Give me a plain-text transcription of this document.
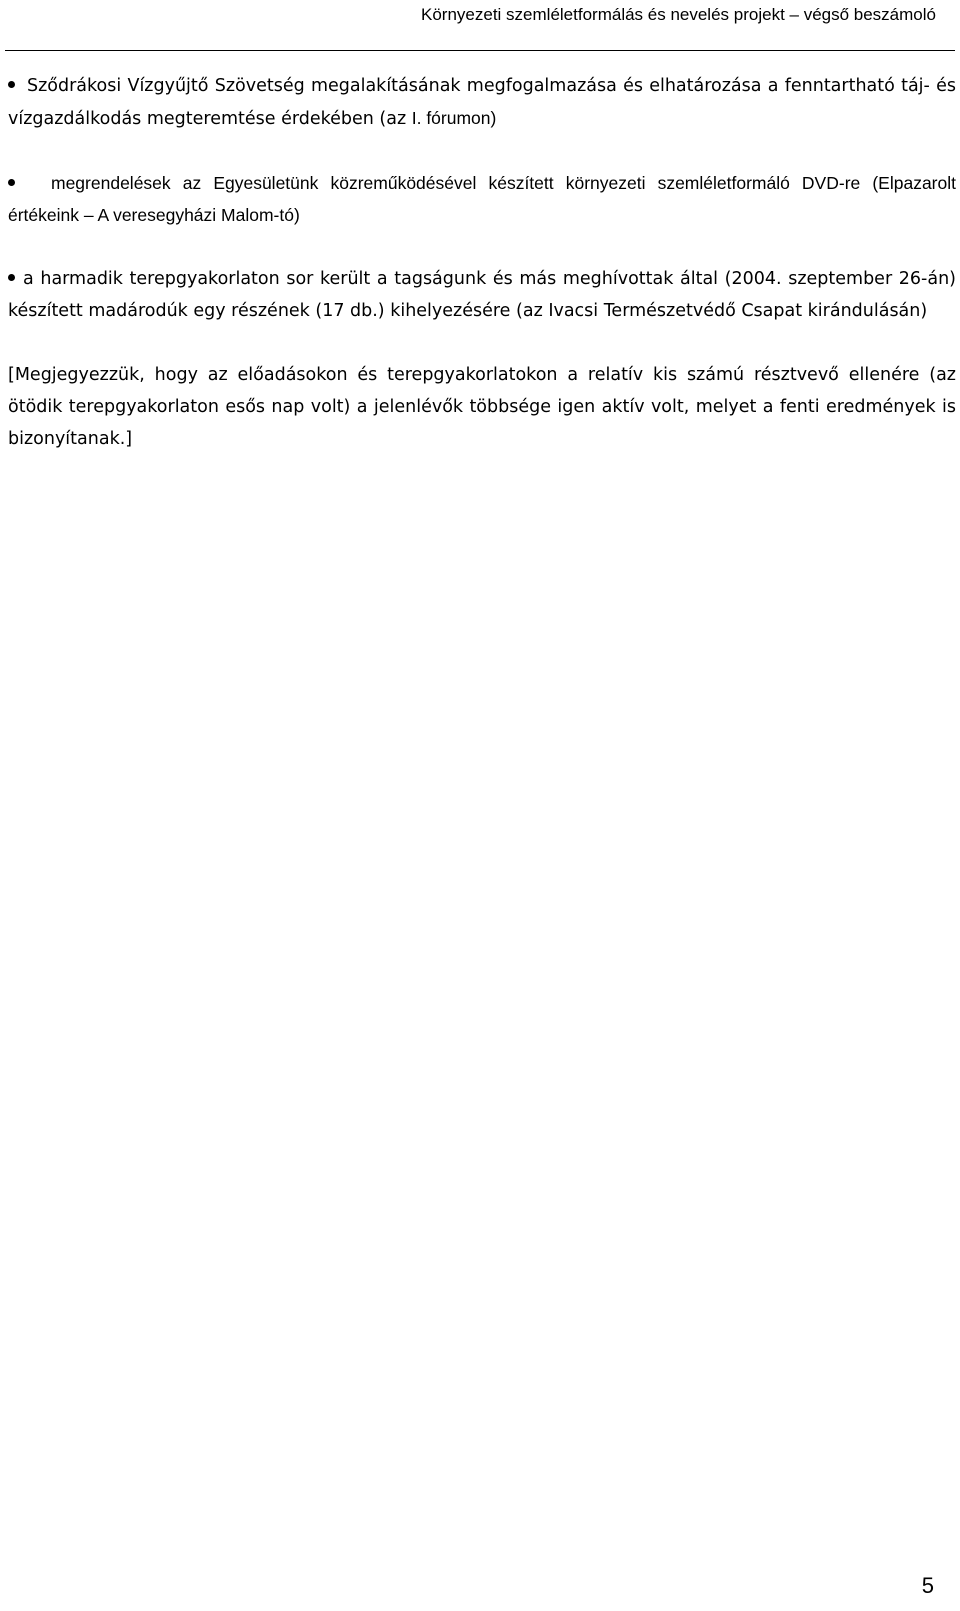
Környezeti szemléletformálás és nevelés projekt – végső beszámoló

Sződrákosi Vízgyűjtő Szövetség megalakításának megfogalmazása és elhatározása a fenntartható táj- és vízgazdálkodás megteremtése érdekében (az I. fórumon)

megrendelések az Egyesületünk közreműködésével készített környezeti szemléletformáló DVD-re (Elpazarolt értékeink – A veresegyházi Malom-tó)

a harmadik terepgyakorlaton sor került a tagságunk és más meghívottak által (2004. szeptember 26-án) készített madárodúk egy részének (17 db.) kihelyezésére (az Ivacsi Természetvédő Csapat kirándulásán)

[Megjegyezzük, hogy az előadásokon és terepgyakorlatokon a relatív kis számú résztvevő ellenére (az ötödik terepgyakorlaton esős nap volt) a jelenlévők többsége igen aktív volt, melyet a fenti eredmények is bizonyítanak.]

5
